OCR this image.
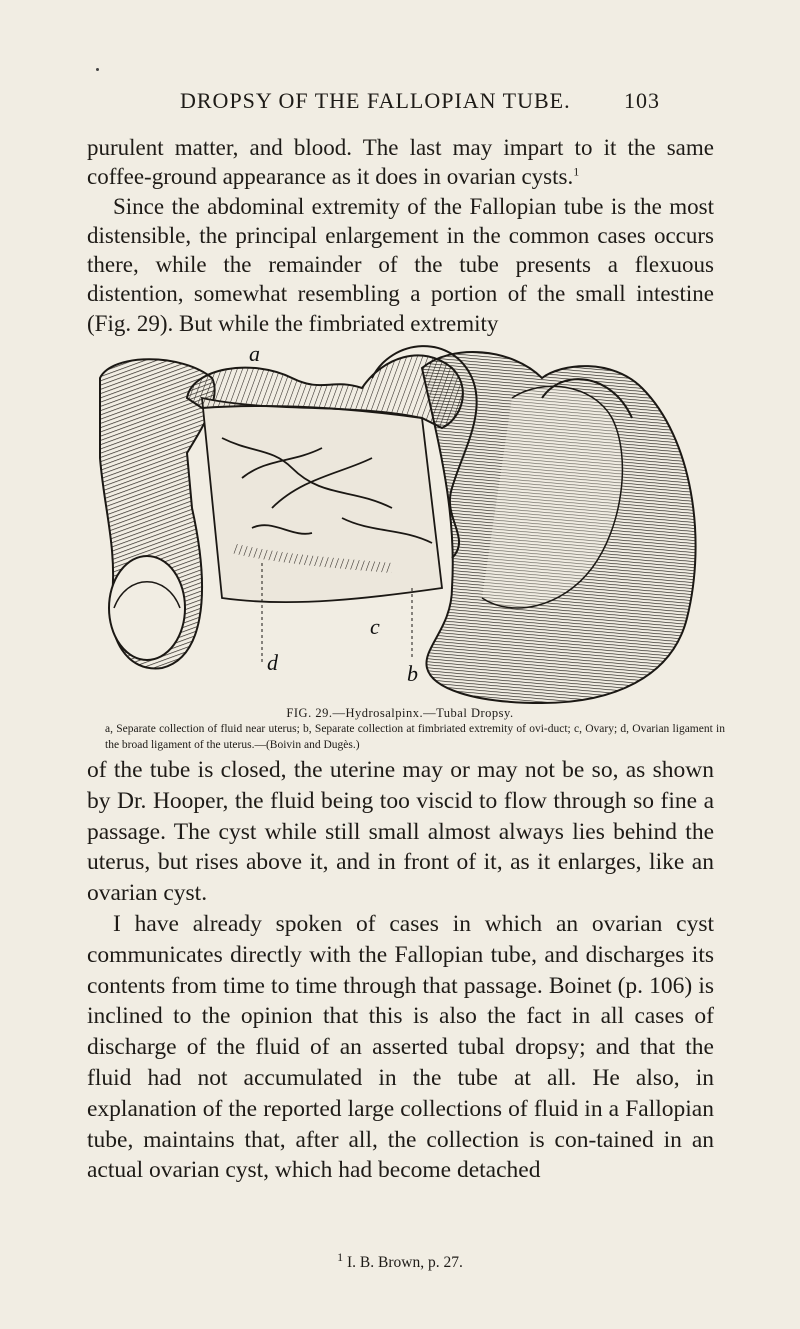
DROPSY OF THE FALLOPIAN TUBE. 103

purulent matter, and blood. The last may impart to it the same coffee-ground appearance as it does in ovarian cysts.$^1$

Since the abdominal extremity of the Fallopian tube is the most distensible, the principal enlargement in the common cases occurs there, while the remainder of the tube presents a flexuous distention, somewhat resembling a portion of the small intestine (Fig. 29). But while the fimbriated extremity

a
d
c
b
FIG. 29.—Hydrosalpinx.—Tubal Dropsy.
a, Separate collection of fluid near uterus; b, Separate collection at fimbriated extremity of ovi-duct; c, Ovary; d, Ovarian ligament in the broad ligament of the uterus.—(Boivin and Dugès.)

of the tube is closed, the uterine may or may not be so, as shown by Dr. Hooper, the fluid being too viscid to flow through so fine a passage. The cyst while still small almost always lies behind the uterus, but rises above it, and in front of it, as it enlarges, like an ovarian cyst.

I have already spoken of cases in which an ovarian cyst communicates directly with the Fallopian tube, and discharges its contents from time to time through that passage. Boinet (p. 106) is inclined to the opinion that this is also the fact in all cases of discharge of the fluid of an asserted tubal dropsy; and that the fluid had not accumulated in the tube at all. He also, in explanation of the reported large collections of fluid in a Fallopian tube, maintains that, after all, the collection is con-tained in an actual ovarian cyst, which had become detached

$^1$ I. B. Brown, p. 27.
